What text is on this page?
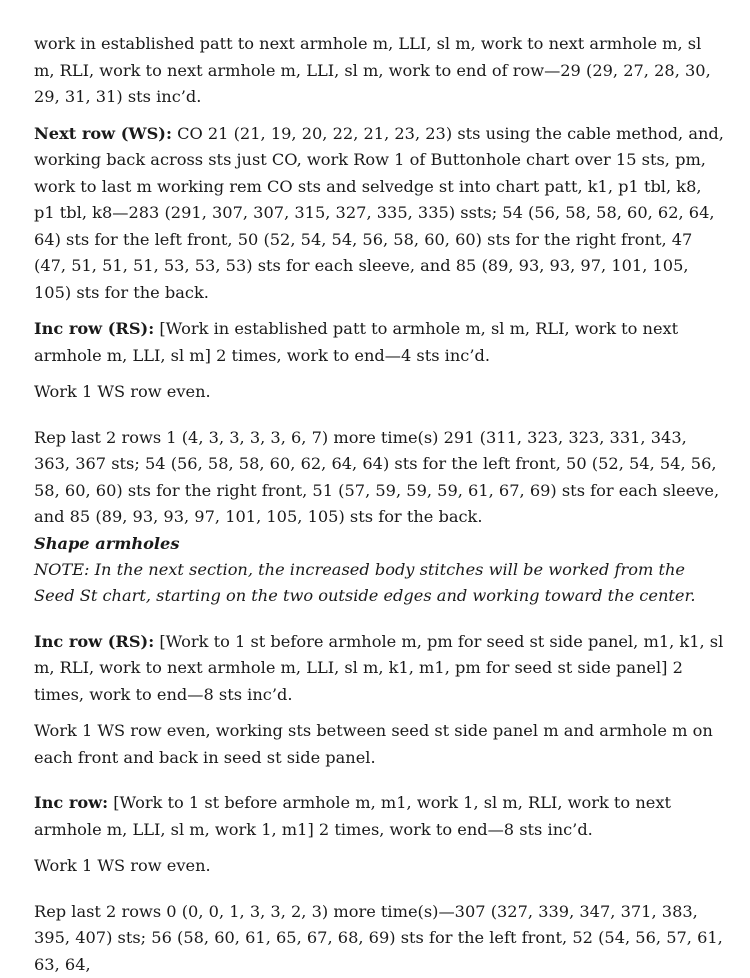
work in established patt to next armhole m, LLI, sl m, work to next armhole m, sl m, RLI, work to next armhole m, LLI, sl m, work to end of row—29 (29, 27, 28, 30, 29, 31, 31) sts inc’d.

Next row (WS): CO 21 (21, 19, 20, 22, 21, 23, 23) sts using the cable method, and, working back across sts just CO, work Row 1 of Buttonhole chart over 15 sts, pm, work to last m working rem CO sts and selvedge st into chart patt, k1, p1 tbl, k8, p1 tbl, k8—283 (291, 307, 307, 315, 327, 335, 335) ssts; 54 (56, 58, 58, 60, 62, 64, 64) sts for the left front, 50 (52, 54, 54, 56, 58, 60, 60) sts for the right front, 47 (47, 51, 51, 51, 53, 53, 53) sts for each sleeve, and 85 (89, 93, 93, 97, 101, 105, 105) sts for the back.

Inc row (RS): [Work in established patt to armhole m, sl m, RLI, work to next armhole m, LLI, sl m] 2 times, work to end—4 sts inc’d.

Work 1 WS row even.

Rep last 2 rows 1 (4, 3, 3, 3, 3, 6, 7) more time(s) 291 (311, 323, 323, 331, 343, 363, 367 sts; 54 (56, 58, 58, 60, 62, 64, 64) sts for the left front, 50 (52, 54, 54, 56, 58, 60, 60) sts for the right front, 51 (57, 59, 59, 59, 61, 67, 69) sts for each sleeve, and 85 (89, 93, 93, 97, 101, 105, 105) sts for the back.

Shape armholes

NOTE: In the next section, the increased body stitches will be worked from the Seed St chart, starting on the two outside edges and working toward the center.

Inc row (RS): [Work to 1 st before armhole m, pm for seed st side panel, m1, k1, sl m, RLI, work to next armhole m, LLI, sl m, k1, m1, pm for seed st side panel] 2 times, work to end—8 sts inc’d.

Work 1 WS row even, working sts between seed st side panel m and armhole m on each front and back in seed st side panel.

Inc row: [Work to 1 st before armhole m, m1, work 1, sl m, RLI, work to next armhole m, LLI, sl m, work 1, m1] 2 times, work to end—8 sts inc’d.

Work 1 WS row even.

Rep last 2 rows 0 (0, 0, 1, 3, 3, 2, 3) more time(s)—307 (327, 339, 347, 371, 383, 395, 407) sts; 56 (58, 60, 61, 65, 67, 68, 69) sts for the left front, 52 (54, 56, 57, 61, 63, 64,
